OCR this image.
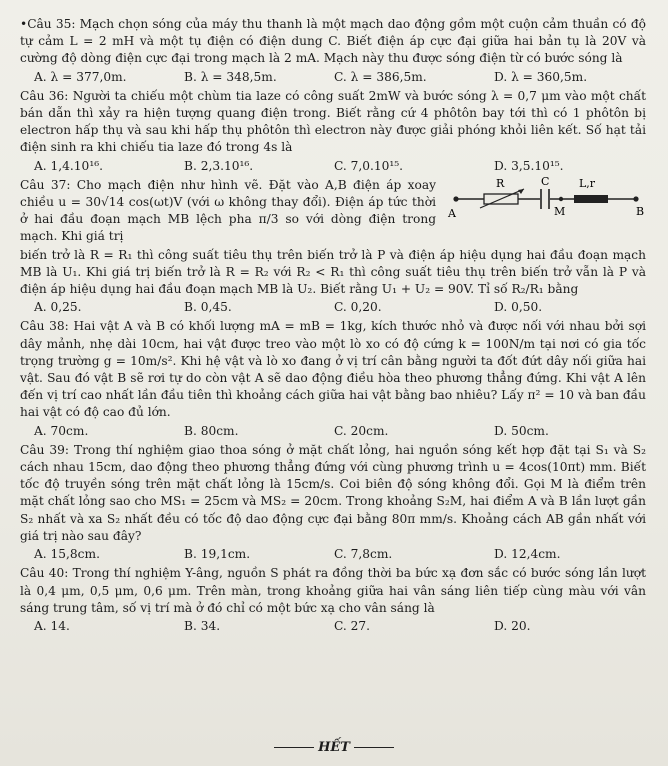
•Câu 35: Mạch chọn sóng của máy thu thanh là một mạch dao động gồm một cuộn cảm thuần có độ tự cảm L = 2 mH và một tụ điện có điện dung C. Biết điện áp cực đại giữa hai bản tụ là 20V và cường độ dòng điện cực đại trong mạch là 2 mA. Mạch này thu được sóng điện từ có bước sóng là
A. λ = 377,0m.	B. λ = 348,5m.	C. λ = 386,5m.	D. λ = 360,5m.
Câu 36: Người ta chiếu một chùm tia laze có công suất 2mW và bước sóng λ = 0,7 μm vào một chất bán dẫn thì xảy ra hiện tượng quang điện trong. Biết rằng cứ 4 phôtôn bay tới thì có 1 phôtôn bị electron hấp thụ và sau khi hấp thụ phôtôn thì electron này được giải phóng khỏi liên kết. Số hạt tải điện sinh ra khi chiếu tia laze đó trong 4s là
A. 1,4.10¹⁶.	B. 2,3.10¹⁶.	C. 7,0.10¹⁵.	D. 3,5.10¹⁵.
Câu 37: Cho mạch điện như hình vẽ. Đặt vào A,B điện áp xoay chiều u = 30√14 cos(ωt)V (với ω không thay đổi). Điện áp tức thời ở hai đầu đoạn mạch MB lệch pha π/3 so với dòng điện trong mạch. Khi giá trị
R	C	L,r
A	M	B
biến trở là R = R₁ thì công suất tiêu thụ trên biến trở là P và điện áp hiệu dụng hai đầu đoạn mạch MB là U₁. Khi giá trị biến trở là R = R₂ với R₂ < R₁ thì công suất tiêu thụ trên biến trở vẫn là P và điện áp hiệu dụng hai đầu đoạn mạch MB là U₂. Biết rằng U₁ + U₂ = 90V. Tỉ số R₂/R₁ bằng
A. 0,25.	B. 0,45.	C. 0,20.	D. 0,50.
Câu 38: Hai vật A và B có khối lượng mA = mB = 1kg, kích thước nhỏ và được nối với nhau bởi sợi dây mảnh, nhẹ dài 10cm, hai vật được treo vào một lò xo có độ cứng k = 100N/m tại nơi có gia tốc trọng trường g = 10m/s². Khi hệ vật và lò xo đang ở vị trí cân bằng người ta đốt đứt dây nối giữa hai vật. Sau đó vật B sẽ rơi tự do còn vật A sẽ dao động điều hòa theo phương thẳng đứng. Khi vật A lên đến vị trí cao nhất lần đầu tiên thì khoảng cách giữa hai vật bằng bao nhiêu? Lấy π² = 10 và ban đầu hai vật có độ cao đủ lớn.
A. 70cm.	B. 80cm.	C. 20cm.	D. 50cm.
Câu 39: Trong thí nghiệm giao thoa sóng ở mặt chất lỏng, hai nguồn sóng kết hợp đặt tại S₁ và S₂ cách nhau 15cm, dao động theo phương thẳng đứng với cùng phương trình u = 4cos(10πt) mm. Biết tốc độ truyền sóng trên mặt chất lỏng là 15cm/s. Coi biên độ sóng không đổi. Gọi M là điểm trên mặt chất lỏng sao cho MS₁ = 25cm và MS₂ = 20cm. Trong khoảng S₂M, hai điểm A và B lần lượt gần S₂ nhất và xa S₂ nhất đều có tốc độ dao động cực đại bằng 80π mm/s. Khoảng cách AB gần nhất với giá trị nào sau đây?
A. 15,8cm.	B. 19,1cm.	C. 7,8cm.	D. 12,4cm.
Câu 40: Trong thí nghiệm Y-âng, nguồn S phát ra đồng thời ba bức xạ đơn sắc có bước sóng lần lượt là 0,4 μm, 0,5 μm, 0,6 μm. Trên màn, trong khoảng giữa hai vân sáng liên tiếp cùng màu với vân sáng trung tâm, số vị trí mà ở đó chỉ có một bức xạ cho vân sáng là
A. 14.	B. 34.	C. 27.	D. 20.
HẾT
